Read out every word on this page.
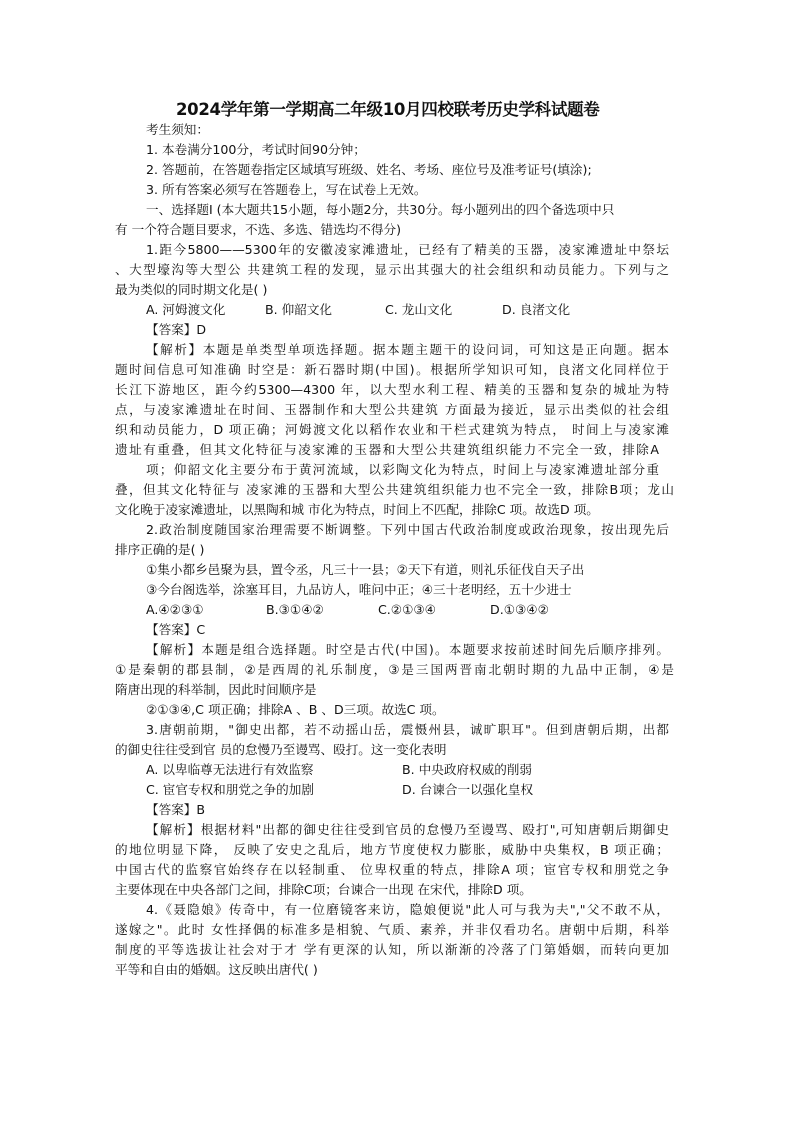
2024学年第一学期高二年级10月四校联考历史学科试题卷
考生须知：
1. 本卷满分100分，考试时间90分钟；
2. 答题前，在答题卷指定区域填写班级、姓名、考场、座位号及准考证号(填涂);
3. 所有答案必须写在答题卷上，写在试卷上无效。
一、选择题Ⅰ (本大题共15小题，每小题2分，共30分。每小题列出的四个备选项中只
有 一个符合题目要求，不选、多选、错选均不得分)
1.距今5800——5300年的安徽凌家滩遗址，已经有了精美的玉器，凌家滩遗址中祭坛
、大型壕沟等大型公 共建筑工程的发现，显示出其强大的社会组织和动员能力。下列与之
最为类似的同时期文化是( )
A. 河姆渡文化	B. 仰韶文化	C. 龙山文化	D. 良渚文化
【答案】D
【解析】本题是单类型单项选择题。据本题主题干的设问词，可知这是正向题。据本
题时间信息可知准确 时空是：新石器时期(中国)。根据所学知识可知，良渚文化同样位于
长江下游地区，距今约5300—4300 年，以大型水利工程、精美的玉器和复杂的城址为特
点，与凌家滩遗址在时间、玉器制作和大型公共建筑 方面最为接近，显示出类似的社会组
织和动员能力，D 项正确；河姆渡文化以稻作农业和干栏式建筑为特点， 时间上与凌家滩
遗址有重叠，但其文化特征与凌家滩的玉器和大型公共建筑组织能力不完全一致，排除A
项；仰韶文化主要分布于黄河流域，以彩陶文化为特点，时间上与凌家滩遗址部分重
叠，但其文化特征与 凌家滩的玉器和大型公共建筑组织能力也不完全一致，排除B项；龙山
文化晚于凌家滩遗址，以黑陶和城 市化为特点，时间上不匹配，排除C 项。故选D 项。
2.政治制度随国家治理需要不断调整。下列中国古代政治制度或政治现象，按出现先后
排序正确的是( )
①集小都乡邑聚为县，置令丞，凡三十一县；②天下有道，则礼乐征伐自天子出
③今台阁选举，涂塞耳目，九品访人，唯问中正；④三十老明经，五十少进士
A.④②③①	B.③①④②	C.②①③④	D.①③④②
【答案】C
【解析】本题是组合选择题。时空是古代(中国)。本题要求按前述时间先后顺序排列。
①是秦朝的郡县制，②是西周的礼乐制度，③是三国两晋南北朝时期的九品中正制，④是
隋唐出现的科举制，因此时间顺序是
②①③④,C 项正确；排除A 、B 、D三项。故选C 项。
3.唐朝前期，"御史出都，若不动摇山岳，震慑州县，诚旷职耳"。但到唐朝后期，出都
的御史往往受到官 员的怠慢乃至谩骂、殴打。这一变化表明
A. 以卑临尊无法进行有效监察	B. 中央政府权威的削弱
C. 宦官专权和朋党之争的加剧	D. 台谏合一以强化皇权
【答案】B
【解析】根据材料"出都的御史往往受到官员的怠慢乃至谩骂、殴打",可知唐朝后期御史
的地位明显下降， 反映了安史之乱后，地方节度使权力膨胀，威胁中央集权，B 项正确；
中国古代的监察官始终存在以轻制重、 位卑权重的特点，排除A 项；宦官专权和朋党之争
主要体现在中央各部门之间，排除C项；台谏合一出现 在宋代，排除D 项。
4.《聂隐娘》传奇中，有一位磨镜客来访，隐娘便说"此人可与我为夫","父不敢不从，
遂嫁之"。此时 女性择偶的标准多是相貌、气质、素养，并非仅看功名。唐朝中后期，科举
制度的平等选拔让社会对于才 学有更深的认知，所以渐渐的冷落了门第婚姻，而转向更加
平等和自由的婚姻。这反映出唐代( )
